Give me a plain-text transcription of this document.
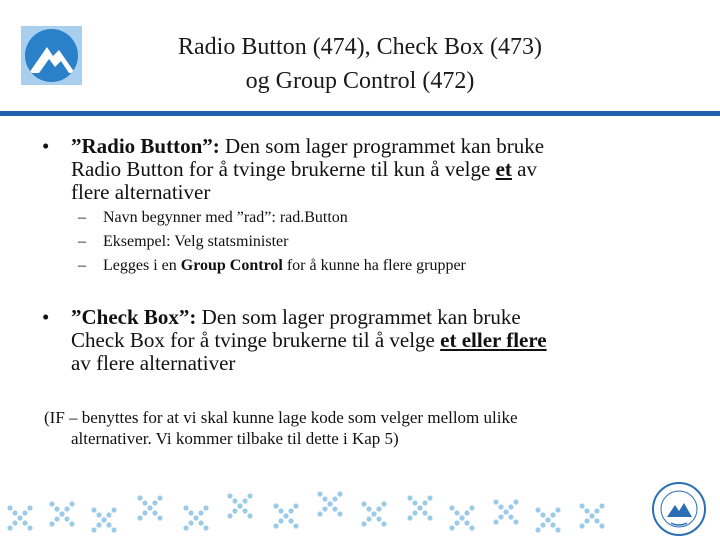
Radio Button (474), Check Box (473)
og Group Control (472)
• ”Radio Button”: Den som lager programmet kan bruke
Radio Button for å tvinge brukerne til kun å velge et av
flere alternativer
– Navn begynner med ”rad”: rad.Button
– Eksempel: Velg statsminister
– Legges i en Group Control for å kunne ha flere grupper
• ”Check Box”: Den som lager programmet kan bruke
Check Box for å tvinge brukerne til å velge et eller flere
av flere alternativer
(IF – benyttes for at vi skal kunne lage kode som velger mellom ulike
alternativer. Vi kommer tilbake til dette i Kap 5)
